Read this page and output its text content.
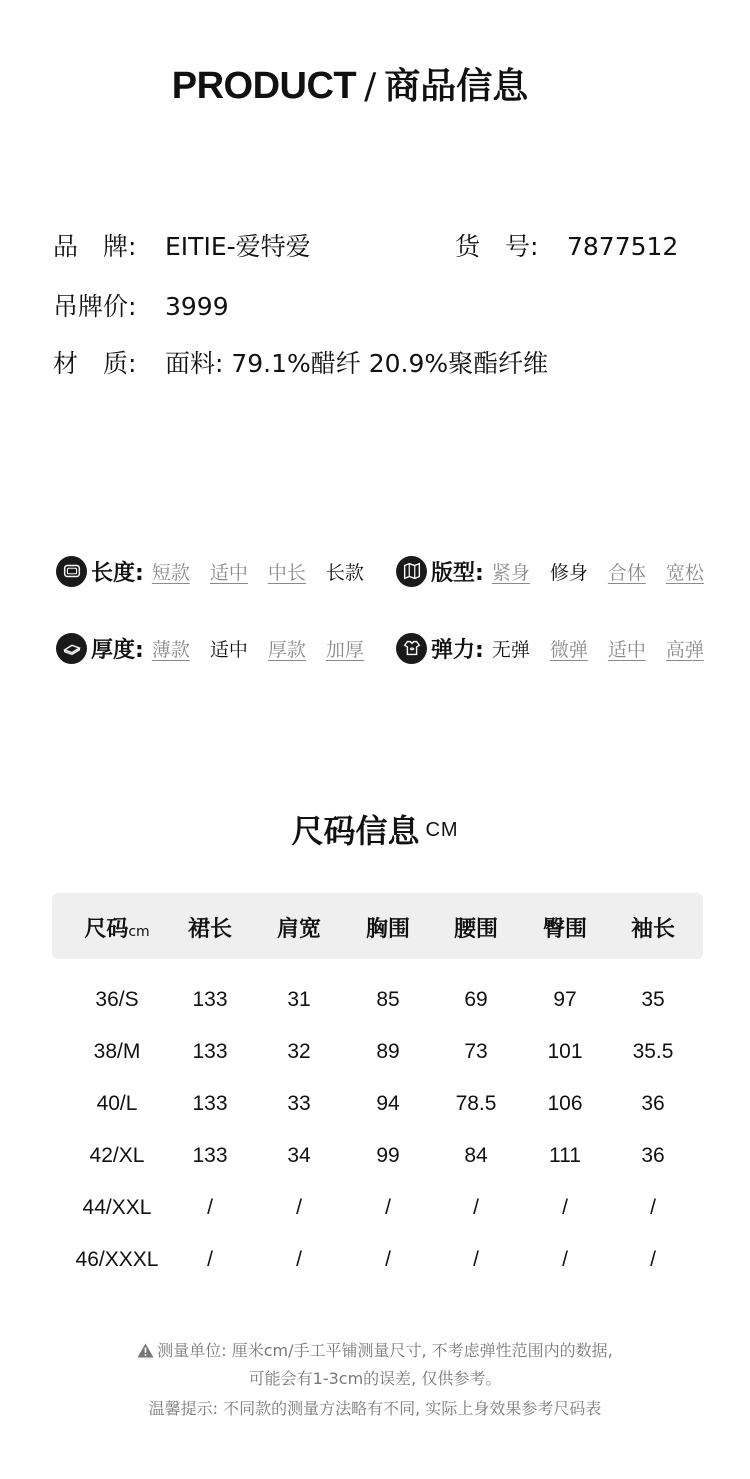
PRODUCT / 商品信息
品　牌: EITIE-爱特爱	货　号: 7877512
吊牌价: 3999
材　质: 面料: 79.1%醋纤 20.9%聚酯纤维
长度: 短款 适中 中长 长款	版型: 紧身 修身 合体 宽松
厚度: 薄款 适中 厚款 加厚	弹力: 无弹 微弹 适中 高弹
尺码信息 CM
尺码cm	裙长	肩宽	胸围	腰围	臀围	袖长
36/S	133	31	85	69	97	35
38/M	133	32	89	73	101	35.5
40/L	133	33	94	78.5	106	36
42/XL	133	34	99	84	111	36
44/XXL	/	/	/	/	/	/
46/XXXL	/	/	/	/	/	/
测量单位: 厘米cm/手工平铺测量尺寸, 不考虑弹性范围内的数据,
可能会有1-3cm的误差, 仅供参考。
温馨提示: 不同款的测量方法略有不同, 实际上身效果参考尺码表
